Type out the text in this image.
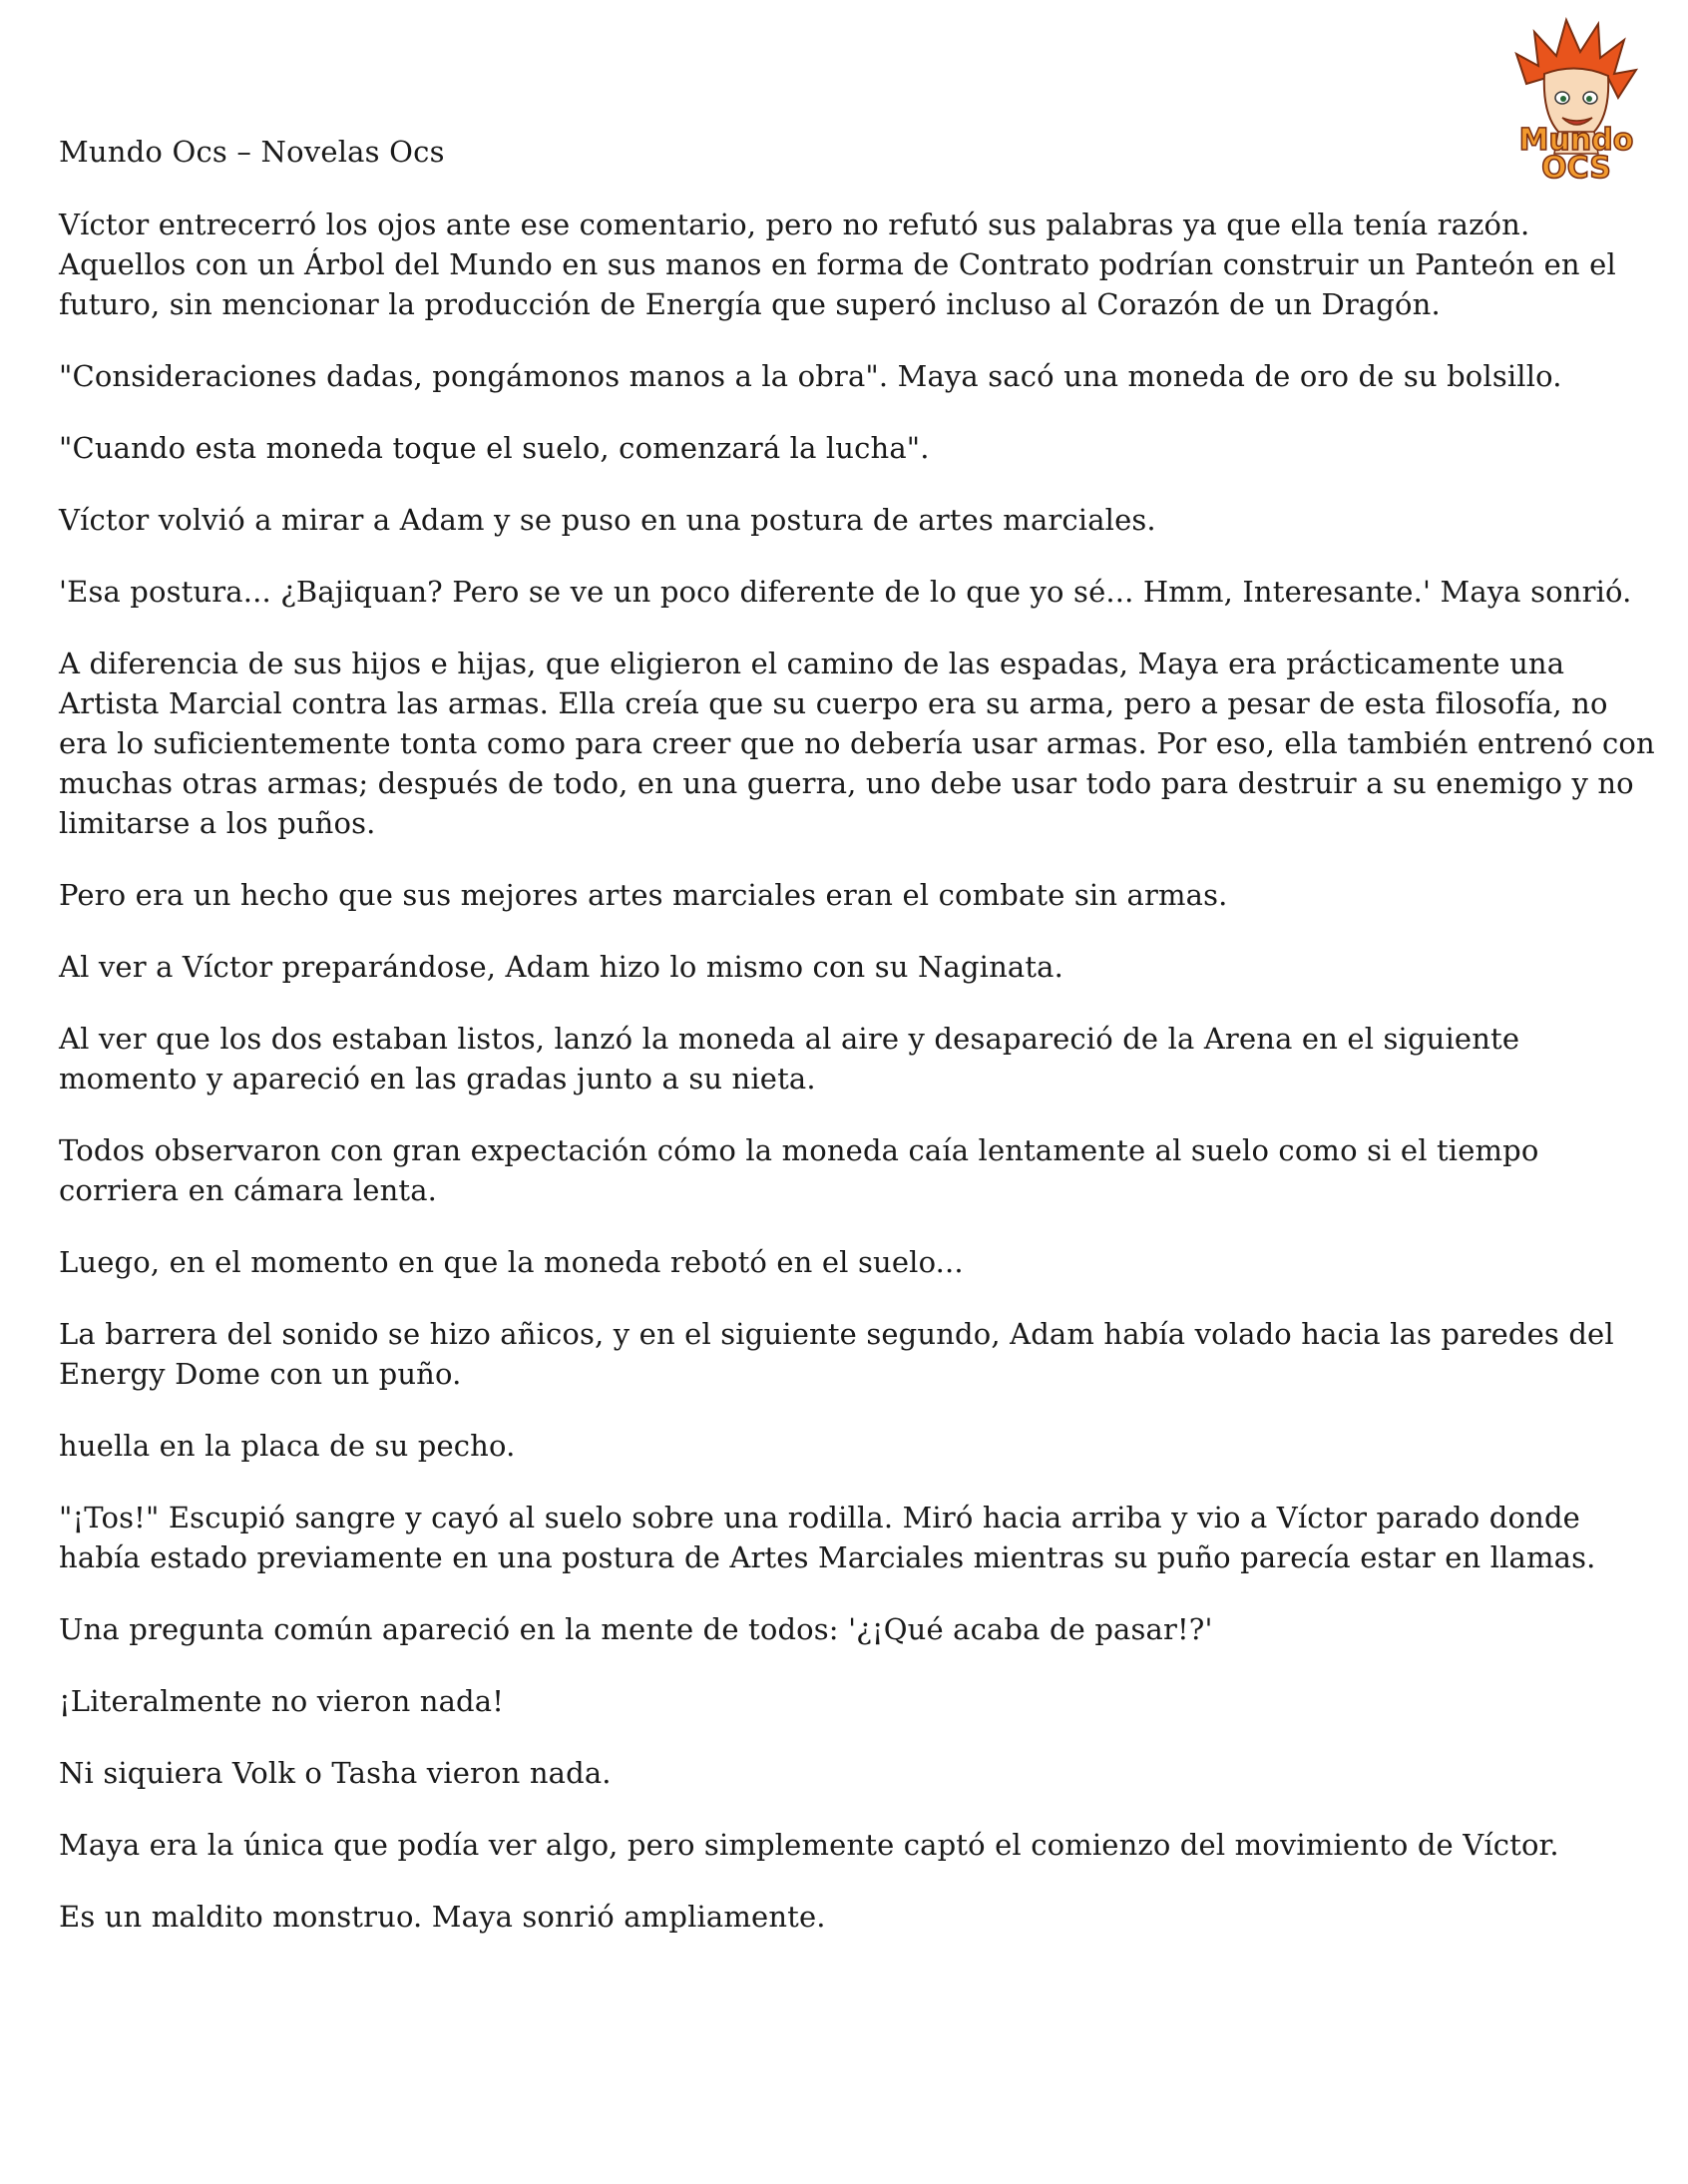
Mundo
OCS
Mundo Ocs – Novelas Ocs

Víctor entrecerró los ojos ante ese comentario, pero no refutó sus palabras ya que ella tenía razón. Aquellos con un Árbol del Mundo en sus manos en forma de Contrato podrían construir un Panteón en el futuro, sin mencionar la producción de Energía que superó incluso al Corazón de un Dragón.

"Consideraciones dadas, pongámonos manos a la obra". Maya sacó una moneda de oro de su bolsillo.

"Cuando esta moneda toque el suelo, comenzará la lucha".

Víctor volvió a mirar a Adam y se puso en una postura de artes marciales.

'Esa postura... ¿Bajiquan? Pero se ve un poco diferente de lo que yo sé... Hmm, Interesante.' Maya sonrió.

A diferencia de sus hijos e hijas, que eligieron el camino de las espadas, Maya era prácticamente una Artista Marcial contra las armas. Ella creía que su cuerpo era su arma, pero a pesar de esta filosofía, no era lo suficientemente tonta como para creer que no debería usar armas. Por eso, ella también entrenó con muchas otras armas; después de todo, en una guerra, uno debe usar todo para destruir a su enemigo y no limitarse a los puños.

Pero era un hecho que sus mejores artes marciales eran el combate sin armas.

Al ver a Víctor preparándose, Adam hizo lo mismo con su Naginata.

Al ver que los dos estaban listos, lanzó la moneda al aire y desapareció de la Arena en el siguiente momento y apareció en las gradas junto a su nieta.

Todos observaron con gran expectación cómo la moneda caía lentamente al suelo como si el tiempo corriera en cámara lenta.

Luego, en el momento en que la moneda rebotó en el suelo...

La barrera del sonido se hizo añicos, y en el siguiente segundo, Adam había volado hacia las paredes del Energy Dome con un puño.

huella en la placa de su pecho.

"¡Tos!" Escupió sangre y cayó al suelo sobre una rodilla. Miró hacia arriba y vio a Víctor parado donde había estado previamente en una postura de Artes Marciales mientras su puño parecía estar en llamas.

Una pregunta común apareció en la mente de todos: '¿¡Qué acaba de pasar!?'

¡Literalmente no vieron nada!

Ni siquiera Volk o Tasha vieron nada.

Maya era la única que podía ver algo, pero simplemente captó el comienzo del movimiento de Víctor.

Es un maldito monstruo. Maya sonrió ampliamente.
